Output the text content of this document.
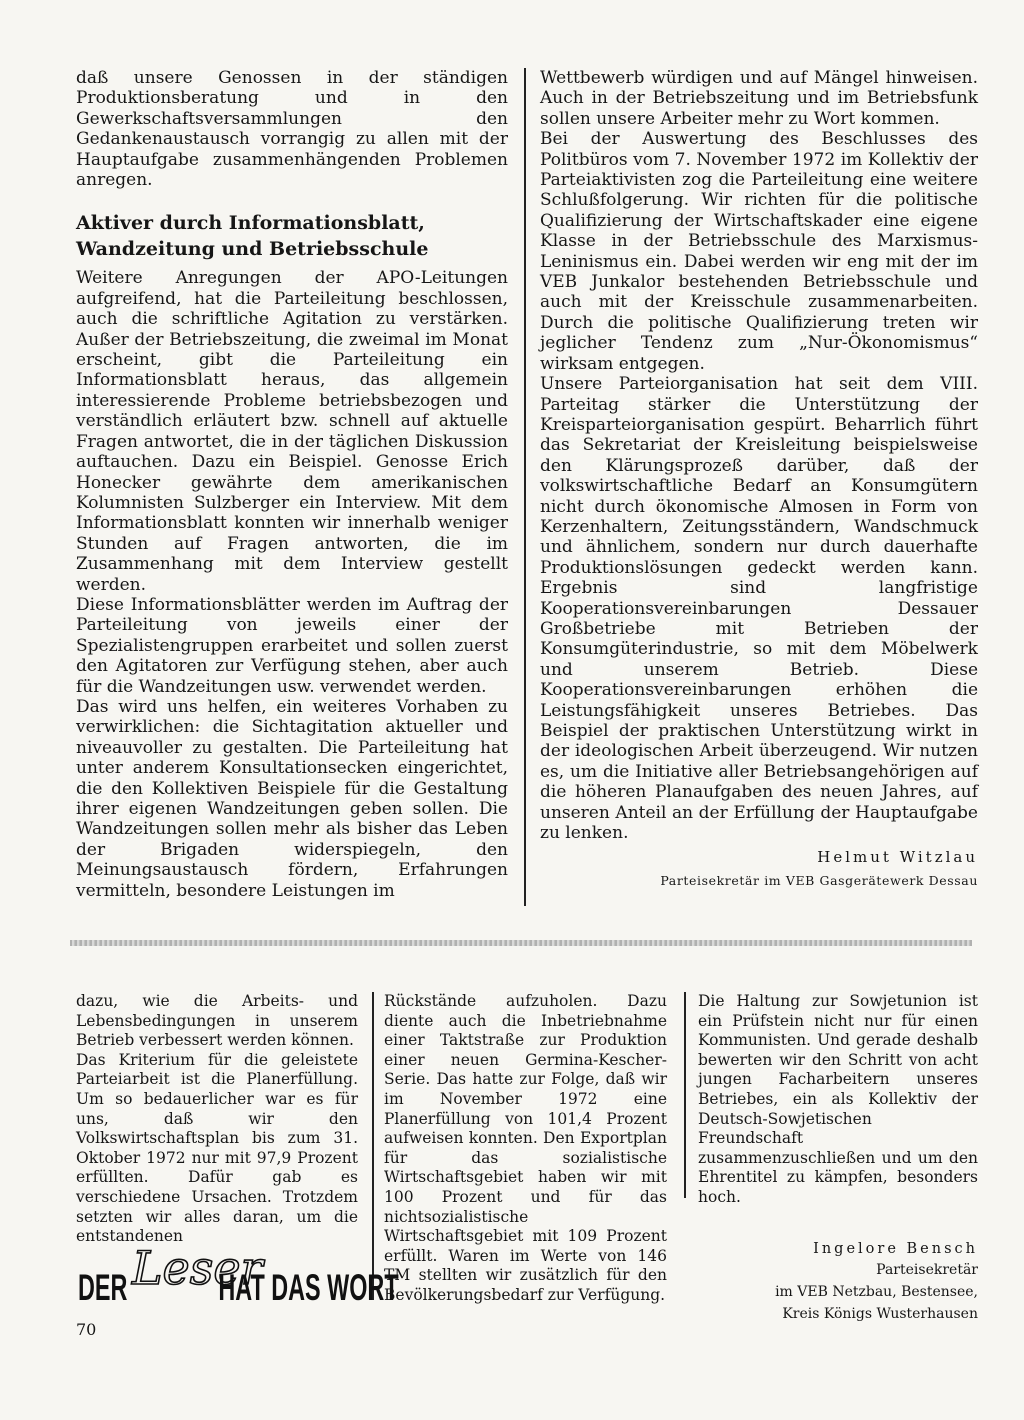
daß unsere Genossen in der ständigen Produktionsberatung und in den Gewerkschaftsversammlungen den Gedankenaustausch vorrangig zu allen mit der Hauptaufgabe zusammenhängenden Problemen anregen.

Aktiver durch Informationsblatt,
Wandzeitung und Betriebsschule

Weitere Anregungen der APO-Leitungen aufgreifend, hat die Parteileitung beschlossen, auch die schriftliche Agitation zu verstärken. Außer der Betriebszeitung, die zweimal im Monat erscheint, gibt die Parteileitung ein Informationsblatt heraus, das allgemein interessierende Probleme betriebsbezogen und verständlich erläutert bzw. schnell auf aktuelle Fragen antwortet, die in der täglichen Diskussion auftauchen. Dazu ein Beispiel. Genosse Erich Honecker gewährte dem amerikanischen Kolumnisten Sulzberger ein Interview. Mit dem Informationsblatt konnten wir innerhalb weniger Stunden auf Fragen antworten, die im Zusammenhang mit dem Interview gestellt werden.

Diese Informationsblätter werden im Auftrag der Parteileitung von jeweils einer der Spezialistengruppen erarbeitet und sollen zuerst den Agitatoren zur Verfügung stehen, aber auch für die Wandzeitungen usw. verwendet werden.

Das wird uns helfen, ein weiteres Vorhaben zu verwirklichen: die Sichtagitation aktueller und niveauvoller zu gestalten. Die Parteileitung hat unter anderem Konsultationsecken eingerichtet, die den Kollektiven Beispiele für die Gestaltung ihrer eigenen Wandzeitungen geben sollen. Die Wandzeitungen sollen mehr als bisher das Leben der Brigaden widerspiegeln, den Meinungsaustausch fördern, Erfahrungen vermitteln, besondere Leistungen im

Wettbewerb würdigen und auf Mängel hinweisen. Auch in der Betriebszeitung und im Betriebsfunk sollen unsere Arbeiter mehr zu Wort kommen.

Bei der Auswertung des Beschlusses des Politbüros vom 7. November 1972 im Kollektiv der Parteiaktivisten zog die Parteileitung eine weitere Schlußfolgerung. Wir richten für die politische Qualifizierung der Wirtschaftskader eine eigene Klasse in der Betriebsschule des Marxismus-Leninismus ein. Dabei werden wir eng mit der im VEB Junkalor bestehenden Betriebsschule und auch mit der Kreisschule zusammenarbeiten. Durch die politische Qualifizierung treten wir jeglicher Tendenz zum „Nur-Ökonomismus“ wirksam entgegen.

Unsere Parteiorganisation hat seit dem VIII. Parteitag stärker die Unterstützung der Kreisparteiorganisation gespürt. Beharrlich führt das Sekretariat der Kreisleitung beispielsweise den Klärungsprozeß darüber, daß der volkswirtschaftliche Bedarf an Konsumgütern nicht durch ökonomische Almosen in Form von Kerzenhaltern, Zeitungsständern, Wandschmuck und ähnlichem, sondern nur durch dauerhafte Produktionslösungen gedeckt werden kann. Ergebnis sind langfristige Kooperationsvereinbarungen Dessauer Großbetriebe mit Betrieben der Konsumgüterindustrie, so mit dem Möbelwerk und unserem Betrieb. Diese Kooperationsvereinbarungen erhöhen die Leistungsfähigkeit unseres Betriebes. Das Beispiel der praktischen Unterstützung wirkt in der ideologischen Arbeit überzeugend. Wir nutzen es, um die Initiative aller Betriebsangehörigen auf die höheren Planaufgaben des neuen Jahres, auf unseren Anteil an der Erfüllung der Hauptaufgabe zu lenken.

Helmut Witzlau

Parteisekretär im VEB Gasgerätewerk Dessau

dazu, wie die Arbeits- und Lebensbedingungen in unserem Betrieb verbessert werden können.

Das Kriterium für die geleistete Parteiarbeit ist die Planerfüllung. Um so bedauerlicher war es für uns, daß wir den Volkswirtschaftsplan bis zum 31. Oktober 1972 nur mit 97,9 Prozent erfüllten. Dafür gab es verschiedene Ursachen. Trotzdem setzten wir alles daran, um die entstandenen

Rückstände aufzuholen. Dazu diente auch die Inbetriebnahme einer Taktstraße zur Produktion einer neuen Germina-Kescher-Serie. Das hatte zur Folge, daß wir im November 1972 eine Planerfüllung von 101,4 Prozent aufweisen konnten. Den Exportplan für das sozialistische Wirtschaftsgebiet haben wir mit 100 Prozent und für das nichtsozialistische Wirtschaftsgebiet mit 109 Prozent erfüllt. Waren im Werte von 146 TM stellten wir zusätzlich für den Bevölkerungsbedarf zur Verfügung.

Die Haltung zur Sowjetunion ist ein Prüfstein nicht nur für einen Kommunisten. Und gerade deshalb bewerten wir den Schritt von acht jungen Facharbeitern unseres Betriebes, ein als Kollektiv der Deutsch-Sowjetischen Freundschaft zusammenzuschließen und um den Ehrentitel zu kämpfen, besonders hoch.

Ingelore Bensch

Parteisekretär

im VEB Netzbau, Bestensee,

Kreis Königs Wusterhausen

DER Leser
HAT DAS WORT
70
